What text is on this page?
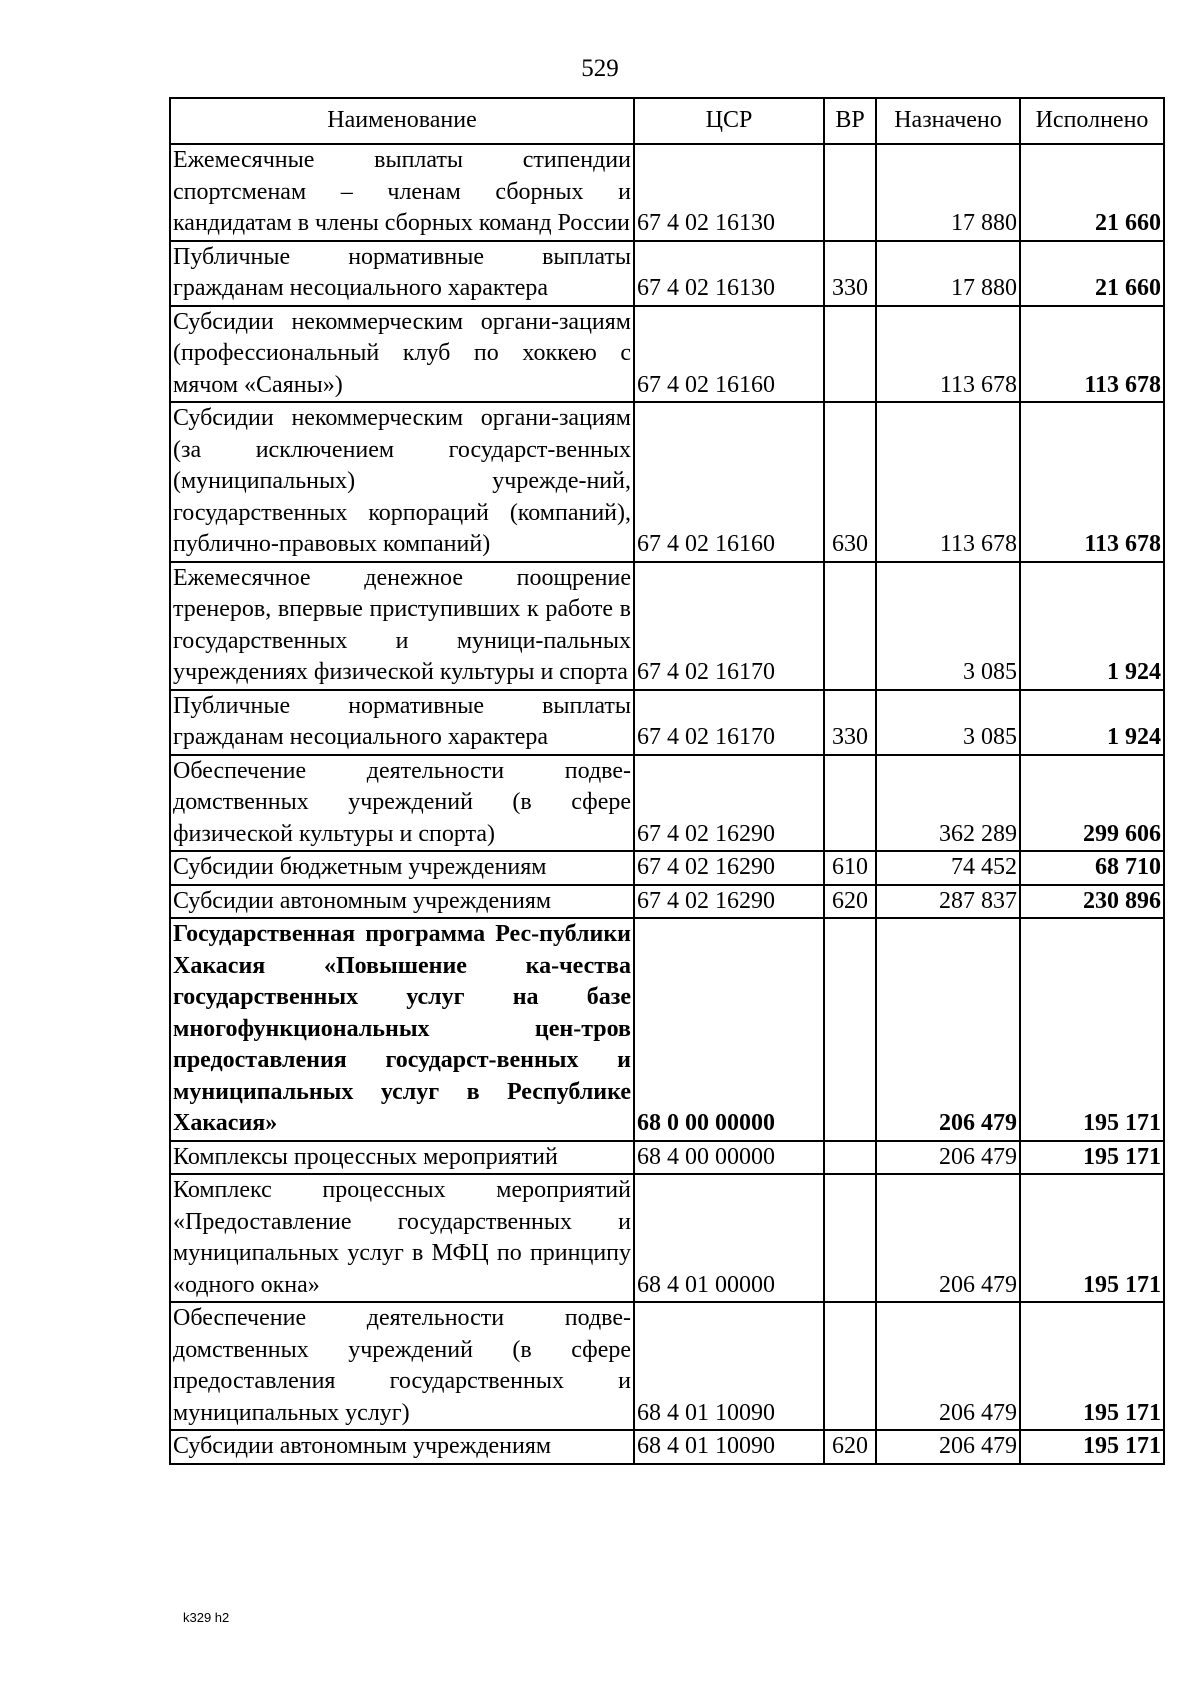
529
Наименование	ЦСР	ВР	Назначено	Исполнено
Ежемесячные выплаты стипендии спортсменам – членам сборных и кандидатам в члены сборных команд России	67 4 02 16130		17 880	21 660
Публичные нормативные выплаты гражданам несоциального характера	67 4 02 16130	330	17 880	21 660
Субсидии некоммерческим органи-зациям (профессиональный клуб по хоккею с мячом «Саяны»)	67 4 02 16160		113 678	113 678
Субсидии некоммерческим органи-зациям (за исключением государст-венных (муниципальных) учрежде-ний, государственных корпораций (компаний), публично-правовых компаний)	67 4 02 16160	630	113 678	113 678
Ежемесячное денежное поощрение тренеров, впервые приступивших к работе в государственных и муници-пальных учреждениях физической культуры и спорта	67 4 02 16170		3 085	1 924
Публичные нормативные выплаты гражданам несоциального характера	67 4 02 16170	330	3 085	1 924
Обеспечение деятельности подве-домственных учреждений (в сфере физической культуры и спорта)	67 4 02 16290		362 289	299 606
Субсидии бюджетным учреждениям	67 4 02 16290	610	74 452	68 710
Субсидии автономным учреждениям	67 4 02 16290	620	287 837	230 896
Государственная программа Рес-публики Хакасия «Повышение ка-чества государственных услуг на базе многофункциональных цен-тров предоставления государст-венных и муниципальных услуг в Республике Хакасия»	68 0 00 00000		206 479	195 171
Комплексы процессных мероприятий	68 4 00 00000		206 479	195 171
Комплекс процессных мероприятий «Предоставление государственных и муниципальных услуг в МФЦ по принципу «одного окна»	68 4 01 00000		206 479	195 171
Обеспечение деятельности подве-домственных учреждений (в сфере предоставления государственных и муниципальных услуг)	68 4 01 10090		206 479	195 171
Субсидии автономным учреждениям	68 4 01 10090	620	206 479	195 171
k329 h2
